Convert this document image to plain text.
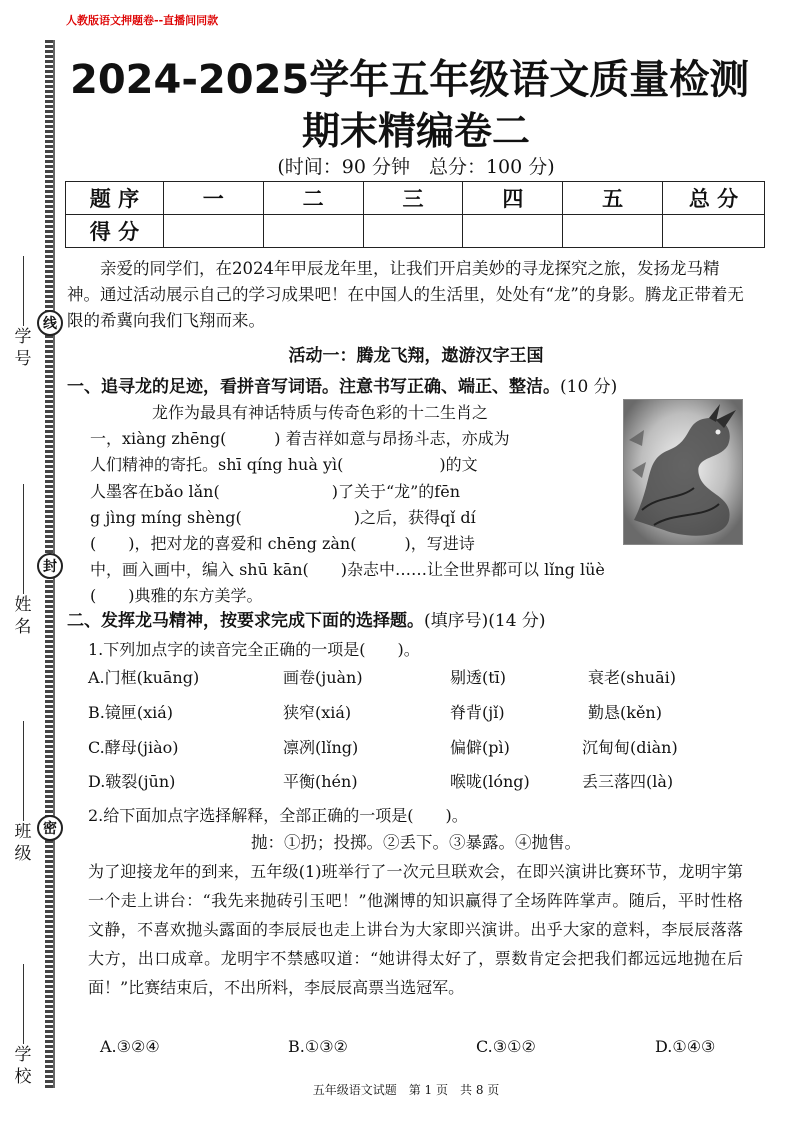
人教版语文押题卷--直播间同款
学
号
姓
名
班
级
学
校
线
封
密
2024-2025学年五年级语文质量检测
期末精编卷二
(时间：90 分钟　总分：100 分)
题 序	一	二	三	四	五	总 分
得 分						
亲爱的同学们，在2024年甲辰龙年里，让我们开启美妙的寻龙探究之旅，发扬龙马精神。通过活动展示自己的学习成果吧！在中国人的生活里，处处有“龙”的身影。腾龙正带着无限的希冀向我们飞翔而来。
活动一：腾龙飞翔，遨游汉字王国
一、追寻龙的足迹，看拼音写词语。注意书写正确、端正、整洁。(10 分)
龙作为最具有神话特质与传奇色彩的十二生肖之
一，xiàng zhēng(　　　) 着吉祥如意与昂扬斗志，亦成为
人们精神的寄托。shī qíng huà yì(　　　　　　)的文
人墨客在bǎo lǎn(　　　　　　　)了关于“龙”的fēn
g jìng míng shèng(　　　　　　　)之后，获得qǐ dí
(　　)，把对龙的喜爱和 chēng zàn(　　　)，写进诗
中，画入画中，编入 shū kān(　　)杂志中……让全世界都可以 lǐng lüè
(　　)典雅的东方美学。
二、发挥龙马精神，按要求完成下面的选择题。(填序号)(14 分)
1.下列加点字的读音完全正确的一项是(　　)。
A.门框(kuāng)	画卷(juàn)	剔透(tī)	衰老(shuāi)
B.镜匣(xiá)	狭窄(xiá)	脊背(jǐ)	勤恳(kěn)
C.酵母(jiào)	凛冽(lǐng)	偏僻(pì)	沉甸甸(diàn)
D.皲裂(jūn)	平衡(hén)	喉咙(lóng)	丢三落四(là)
2.给下面加点字选择解释，全部正确的一项是(　　)。
抛：①扔；投掷。②丢下。③暴露。④抛售。
为了迎接龙年的到来，五年级(1)班举行了一次元旦联欢会，在即兴演讲比赛环节，龙明宇第一个走上讲台：“我先来抛砖引玉吧！”他渊博的知识赢得了全场阵阵掌声。随后，平时性格文静，不喜欢抛头露面的李辰辰也走上讲台为大家即兴演讲。出乎大家的意料，李辰辰落落大方，出口成章。龙明宇不禁感叹道：“她讲得太好了，票数肯定会把我们都远远地抛在后面！”比赛结束后，不出所料，李辰辰高票当选冠军。
A.③②④	B.①③②	C.③①②	D.①④③
五年级语文试题　第 1 页　共 8 页
